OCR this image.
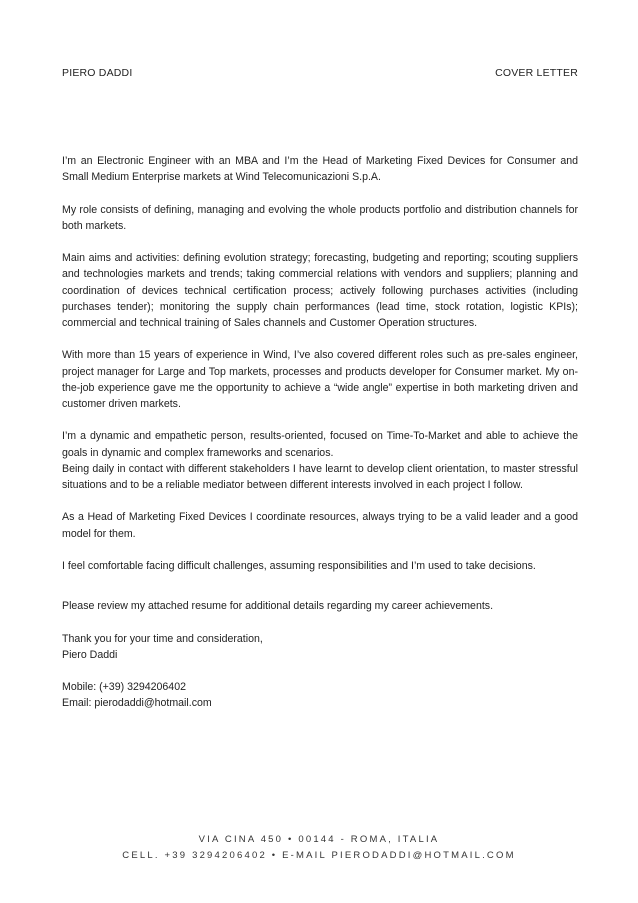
PIERO DADDI	COVER LETTER

I’m an Electronic Engineer with an MBA and I’m the Head of Marketing Fixed Devices for Consumer and Small Medium Enterprise markets at Wind Telecomunicazioni S.p.A.

My role consists of defining, managing and evolving the whole products portfolio and distribution channels for both markets.

Main aims and activities: defining evolution strategy; forecasting, budgeting and reporting; scouting suppliers and technologies markets and trends; taking commercial relations with vendors and suppliers; planning and coordination of devices technical certification process; actively following purchases activities (including purchases tender); monitoring the supply chain performances (lead time, stock rotation, logistic KPIs); commercial and technical training of Sales channels and Customer Operation structures.

With more than 15 years of experience in Wind, I’ve also covered different roles such as pre-sales engineer, project manager for Large and Top markets, processes and products developer for Consumer market. My on-the-job experience gave me the opportunity to achieve a “wide angle” expertise in both marketing driven and customer driven markets.

I’m a dynamic and empathetic person, results-oriented, focused on Time-To-Market and able to achieve the goals in dynamic and complex frameworks and scenarios.

Being daily in contact with different stakeholders I have learnt to develop client orientation, to master stressful situations and to be a reliable mediator between different interests involved in each project I follow.

As a Head of Marketing Fixed Devices I coordinate resources, always trying to be a valid leader and a good model for them.

I feel comfortable facing difficult challenges, assuming responsibilities and I’m used to take decisions.

Please review my attached resume for additional details regarding my career achievements.

Thank you for your time and consideration,

Piero Daddi

Mobile: (+39) 3294206402

Email: pierodaddi@hotmail.com

VIA CINA 450 • 00144 - ROMA, ITALIA
CELL. +39 3294206402 • E-MAIL PIERODADDI@HOTMAIL.COM
